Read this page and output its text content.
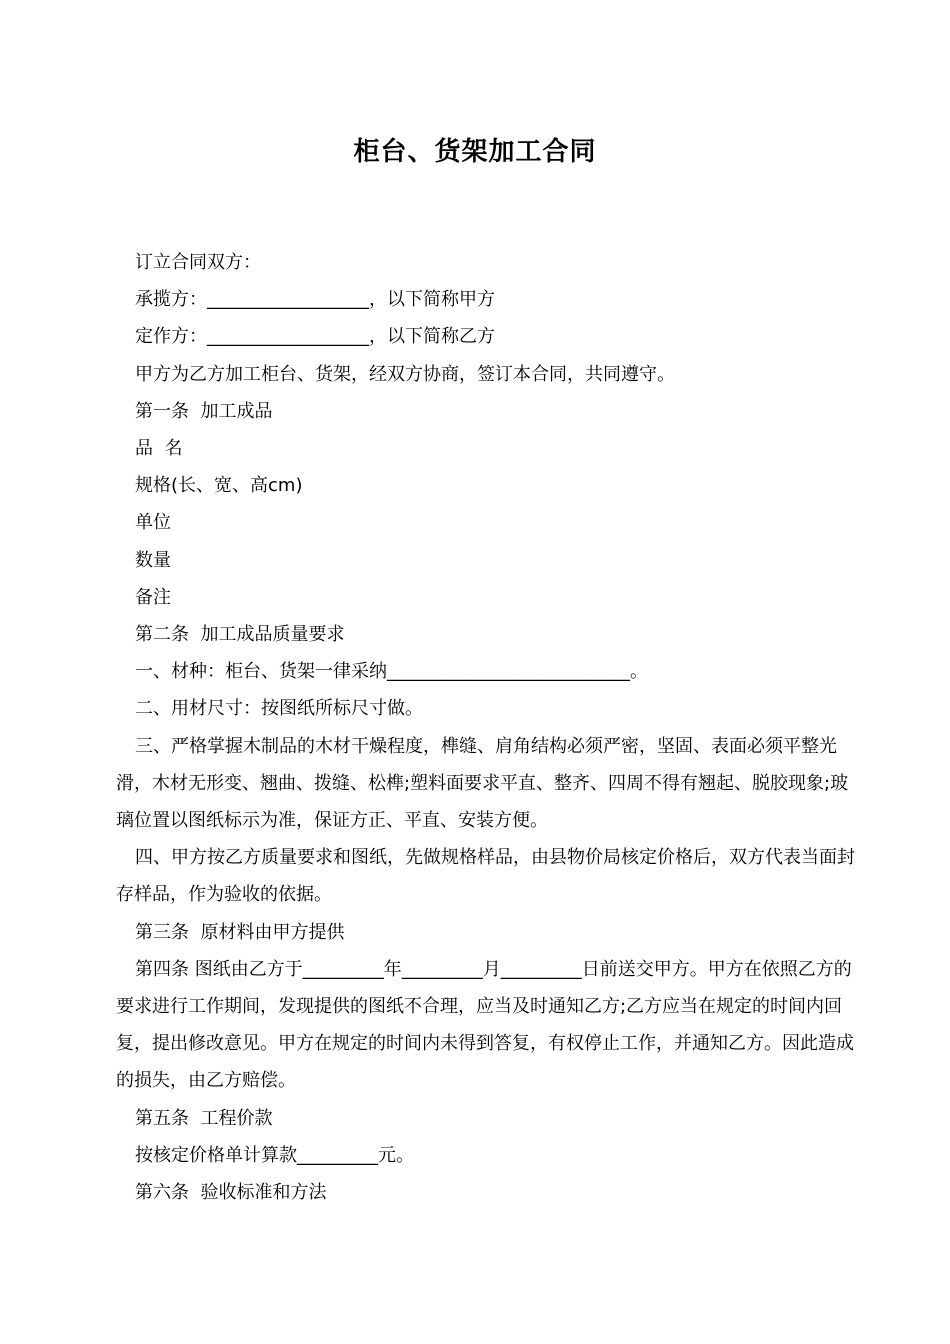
柜台、货架加工合同

订立合同双方：

承揽方：__________________，以下简称甲方

定作方：__________________，以下简称乙方

甲方为乙方加工柜台、货架，经双方协商，签订本合同，共同遵守。

第一条  加工成品

品  名

规格(长、宽、高cm)

单位

数量

备注

第二条  加工成品质量要求

一、材种：柜台、货架一律采纳___________________________。

二、用材尺寸：按图纸所标尺寸做。

三、严格掌握木制品的木材干燥程度，榫缝、肩角结构必须严密，坚固、表面必须平整光滑，木材无形变、翘曲、拨缝、松榫;塑料面要求平直、整齐、四周不得有翘起、脱胶现象;玻璃位置以图纸标示为准，保证方正、平直、安装方便。

四、甲方按乙方质量要求和图纸，先做规格样品，由县物价局核定价格后，双方代表当面封存样品，作为验收的依据。

第三条  原材料由甲方提供

第四条 图纸由乙方于_________年_________月_________日前送交甲方。甲方在依照乙方的要求进行工作期间，发现提供的图纸不合理，应当及时通知乙方;乙方应当在规定的时间内回复，提出修改意见。甲方在规定的时间内未得到答复，有权停止工作，并通知乙方。因此造成的损失，由乙方赔偿。

第五条  工程价款

按核定价格单计算款_________元。

第六条  验收标准和方法
